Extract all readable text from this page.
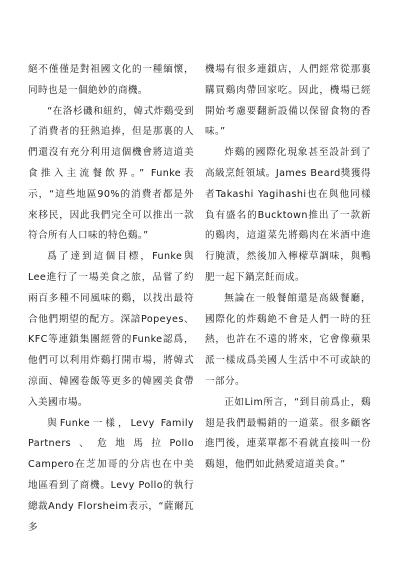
絕不僅僅是對祖國文化的一種緬懷，同時也是一個絶妙的商機。

“在洛杉磯和紐約，韓式炸鷄受到了消費者的狂熱追捧，但是那裏的人們還沒有充分利用這個機會將這道美食推入主流餐飲界。” Funke表示，“這些地區90%的消費者都是外來移民，因此我們完全可以推出一款符合所有人口味的特色鷄。”

爲了達到這個目標，Funke與Lee進行了一場美食之旅，品嘗了約兩百多種不同風味的鷄，以找出最符合他們期望的配方。深諳Popeyes、KFC等連鎖集團經營的Funke認爲，他們可以利用炸鷄打開市場，將韓式涼面、韓國卷飯等更多的韓國美食帶入美國市場。

與Funke一樣，Levy Family Partners、危地馬拉Pollo Campero在芝加哥的分店也在中美地區看到了商機。Levy Pollo的執行總裁Andy Florsheim表示，“薩爾瓦多

機場有很多連鎖店，人們經常從那裏購買鷄肉帶回家吃。因此，機場已經開始考慮要翻新設備以保留食物的香味。”

炸鷄的國際化現象甚至設計到了高級烹飪領域。James Beard獎獲得者Takashi Yagihashi也在與他同樣負有盛名的Bucktown推出了一款新的鷄肉，這道菜先將鷄肉在米酒中進行腌漬，然後加入檸檬草調味，與鴨肥一起下鍋烹飪而成。

無論在一般餐館還是高級餐廳，國際化的炸鷄絶不會是人們一時的狂熱，也許在不遠的將來，它會像蘋果派一樣成爲美國人生活中不可或缺的一部分。

正如Lim所言，“到目前爲止，鷄翅是我們最暢銷的一道菜。很多顧客進門後，連菜單都不看就直接叫一份鷄翅，他們如此熱愛這道美食。”
